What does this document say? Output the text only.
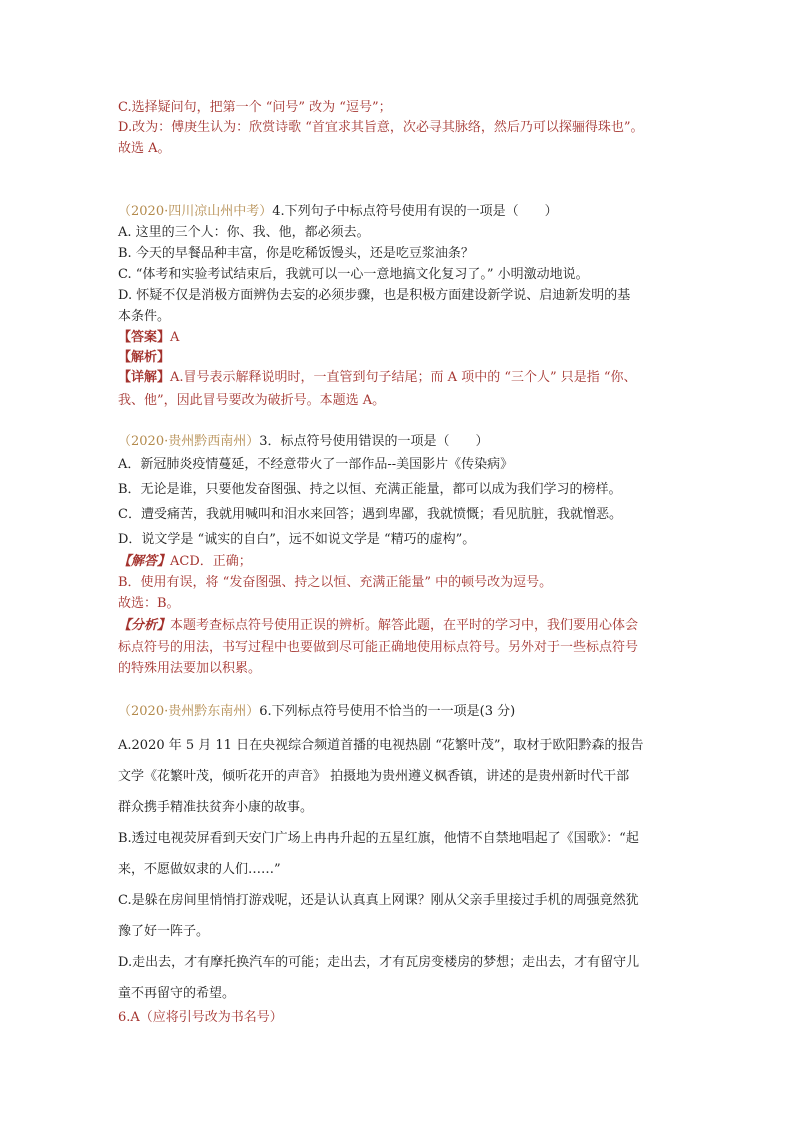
C.选择疑问句，把第一个 “问号” 改为 “逗号”；
D.改为：傅庚生认为：欣赏诗歌 “首宜求其旨意，次必寻其脉络，然后乃可以探骊得珠也”。
故选 A。
（2020·四川凉山州中考）4.下列句子中标点符号使用有误的一项是（　　）
A. 这里的三个人：你、我、他，都必须去。
B. 今天的早餐品种丰富，你是吃稀饭馒头，还是吃豆浆油条？
C. “体考和实验考试结束后，我就可以一心一意地搞文化复习了。” 小明激动地说。
D. 怀疑不仅是消极方面辨伪去妄的必须步骤，也是积极方面建设新学说、启迪新发明的基
本条件。
【答案】A
【解析】
【详解】A.冒号表示解释说明时，一直管到句子结尾；而 A 项中的 “三个人” 只是指 “你、
我、他”，因此冒号要改为破折号。本题选 A。
（2020·贵州黔西南州）3．标点符号使用错误的一项是（　　）
A．新冠肺炎疫情蔓延，不经意带火了一部作品--美国影片《传染病》
B．无论是谁，只要他发奋图强、持之以恒、充满正能量，都可以成为我们学习的榜样。
C．遭受痛苦，我就用喊叫和泪水来回答；遇到卑鄙，我就愤慨；看见肮脏，我就憎恶。
D．说文学是 “诚实的自白”，远不如说文学是 “精巧的虚构”。
【解答】ACD．正确；
B．使用有误，将 “发奋图强、持之以恒、充满正能量” 中的顿号改为逗号。
故选：B。
【分析】本题考查标点符号使用正误的辨析。解答此题，在平时的学习中，我们要用心体会
标点符号的用法，书写过程中也要做到尽可能正确地使用标点符号。另外对于一些标点符号
的特殊用法要加以积累。
（2020·贵州黔东南州）6.下列标点符号使用不恰当的一一项是(3 分)
A.2020 年 5 月 11 日在央视综合频道首播的电视热剧 “花繁叶茂”，取材于欧阳黔森的报告
文学《花繁叶茂，倾听花开的声音》 拍摄地为贵州遵义枫香镇，讲述的是贵州新时代干部
群众携手精准扶贫奔小康的故事。
B.透过电视荧屏看到天安门广场上冉冉升起的五星红旗，他情不自禁地唱起了《国歌》：“起
来，不愿做奴隶的人们……”
C.是躲在房间里悄悄打游戏呢，还是认认真真上网课？刚从父亲手里接过手机的周强竟然犹
豫了好一阵子。
D.走出去，才有摩托换汽车的可能；走出去，才有瓦房变楼房的梦想；走出去，才有留守儿
童不再留守的希望。
6.A（应将引号改为书名号）
